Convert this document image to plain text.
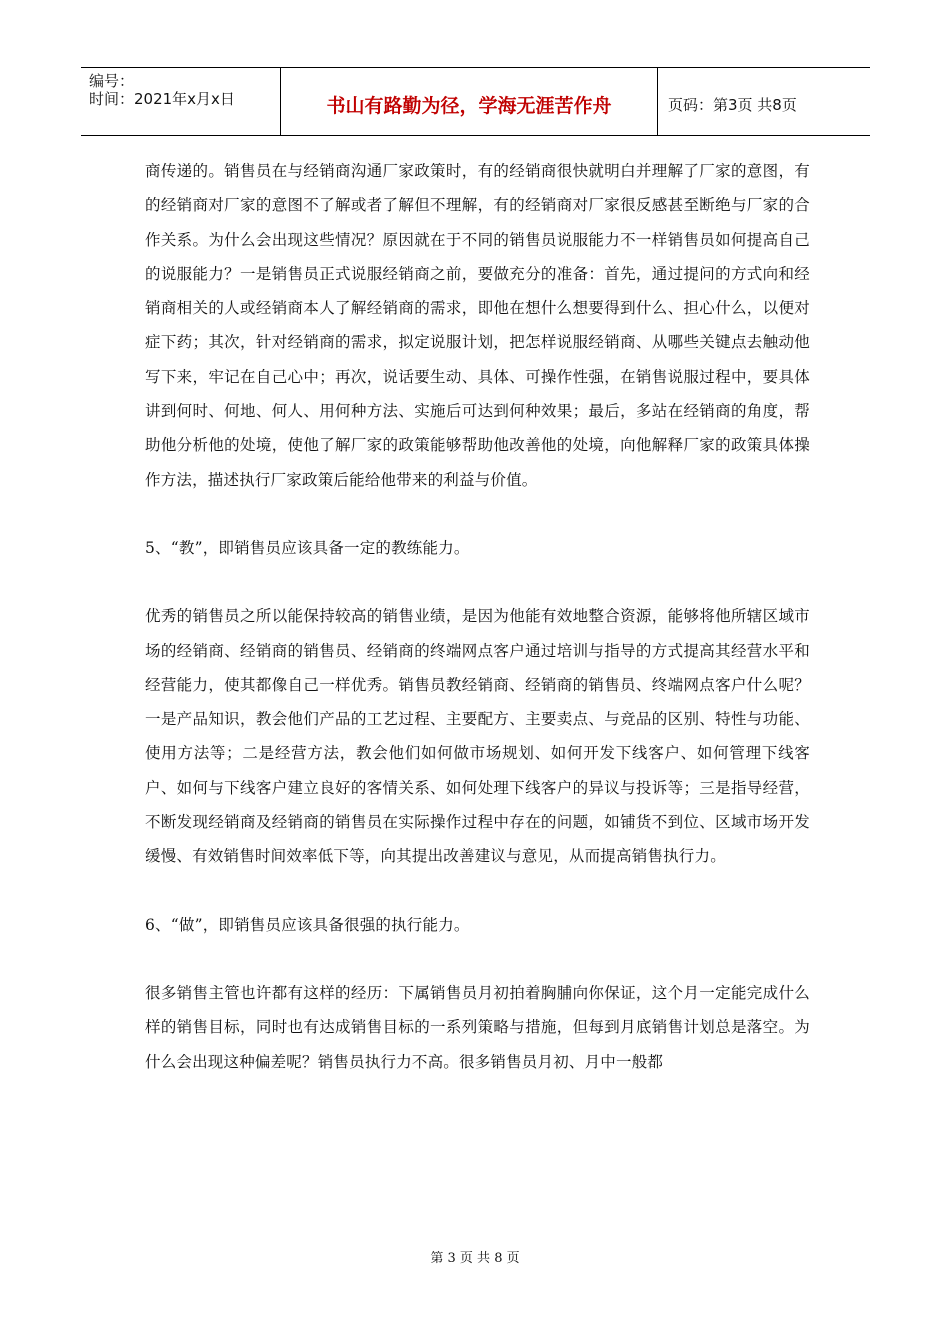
编号：
时间：2021年x月x日	书山有路勤为径，学海无涯苦作舟	页码：第3页 共8页

商传递的。销售员在与经销商沟通厂家政策时，有的经销商很快就明白并理解了厂家的意图，有的经销商对厂家的意图不了解或者了解但不理解，有的经销商对厂家很反感甚至断绝与厂家的合作关系。为什么会出现这些情况？原因就在于不同的销售员说服能力不一样销售员如何提高自己的说服能力？一是销售员正式说服经销商之前，要做充分的准备：首先，通过提问的方式向和经销商相关的人或经销商本人了解经销商的需求，即他在想什么想要得到什么、担心什么，以便对症下药；其次，针对经销商的需求，拟定说服计划，把怎样说服经销商、从哪些关键点去触动他写下来，牢记在自己心中；再次，说话要生动、具体、可操作性强，在销售说服过程中，要具体讲到何时、何地、何人、用何种方法、实施后可达到何种效果；最后，多站在经销商的角度，帮助他分析他的处境，使他了解厂家的政策能够帮助他改善他的处境，向他解释厂家的政策具体操作方法，描述执行厂家政策后能给他带来的利益与价值。

5、“教”，即销售员应该具备一定的教练能力。

优秀的销售员之所以能保持较高的销售业绩，是因为他能有效地整合资源，能够将他所辖区域市场的经销商、经销商的销售员、经销商的终端网点客户通过培训与指导的方式提高其经营水平和经营能力，使其都像自己一样优秀。销售员教经销商、经销商的销售员、终端网点客户什么呢？一是产品知识，教会他们产品的工艺过程、主要配方、主要卖点、与竞品的区别、特性与功能、使用方法等；二是经营方法，教会他们如何做市场规划、如何开发下线客户、如何管理下线客户、如何与下线客户建立良好的客情关系、如何处理下线客户的异议与投诉等；三是指导经营，不断发现经销商及经销商的销售员在实际操作过程中存在的问题，如铺货不到位、区域市场开发缓慢、有效销售时间效率低下等，向其提出改善建议与意见，从而提高销售执行力。

6、“做”，即销售员应该具备很强的执行能力。

很多销售主管也许都有这样的经历：下属销售员月初拍着胸脯向你保证，这个月一定能完成什么样的销售目标，同时也有达成销售目标的一系列策略与措施，但每到月底销售计划总是落空。为什么会出现这种偏差呢？销售员执行力不高。很多销售员月初、月中一般都

第 3 页 共 8 页
